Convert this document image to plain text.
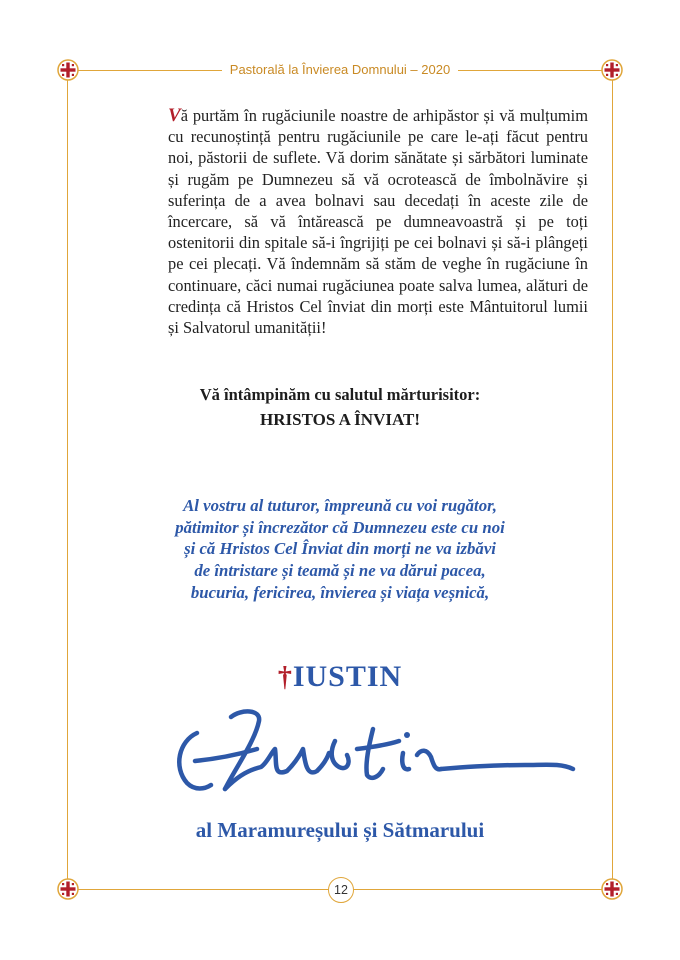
Pastorală la Învierea Domnului – 2020

Vă purtăm în rugăciunile noastre de arhipăstor și vă mulțumim cu recunoștință pentru rugăciunile pe care le-ați făcut pentru noi, păstorii de suflete. Vă dorim sănătate și sărbători luminate și rugăm pe Dumnezeu să vă ocrotească de îmbolnăvire și suferința de a avea bolnavi sau decedați în aceste zile de încercare, să vă întărească pe dumneavoastră și pe toți ostenitorii din spitale să-i îngrijiți pe cei bolnavi și să-i plângeți pe cei plecați. Vă îndemnăm să stăm de veghe în rugăciune în continuare, căci numai rugăciunea poate salva lumea, alături de credința că Hristos Cel înviat din morți este Mântuitorul lumii și Salvatorul umanității!

Vă întâmpinăm cu salutul mărturisitor:
HRISTOS A ÎNVIAT!
Al vostru al tuturor, împreună cu voi rugător,
pătimitor și încrezător că Dumnezeu este cu noi
și că Hristos Cel Înviat din morți ne va izbăvi
de întristare și teamă și ne va dărui pacea,
bucuria, fericirea, învierea și viața veșnică,
†IUSTIN
al Maramureșului și Sătmarului
12
